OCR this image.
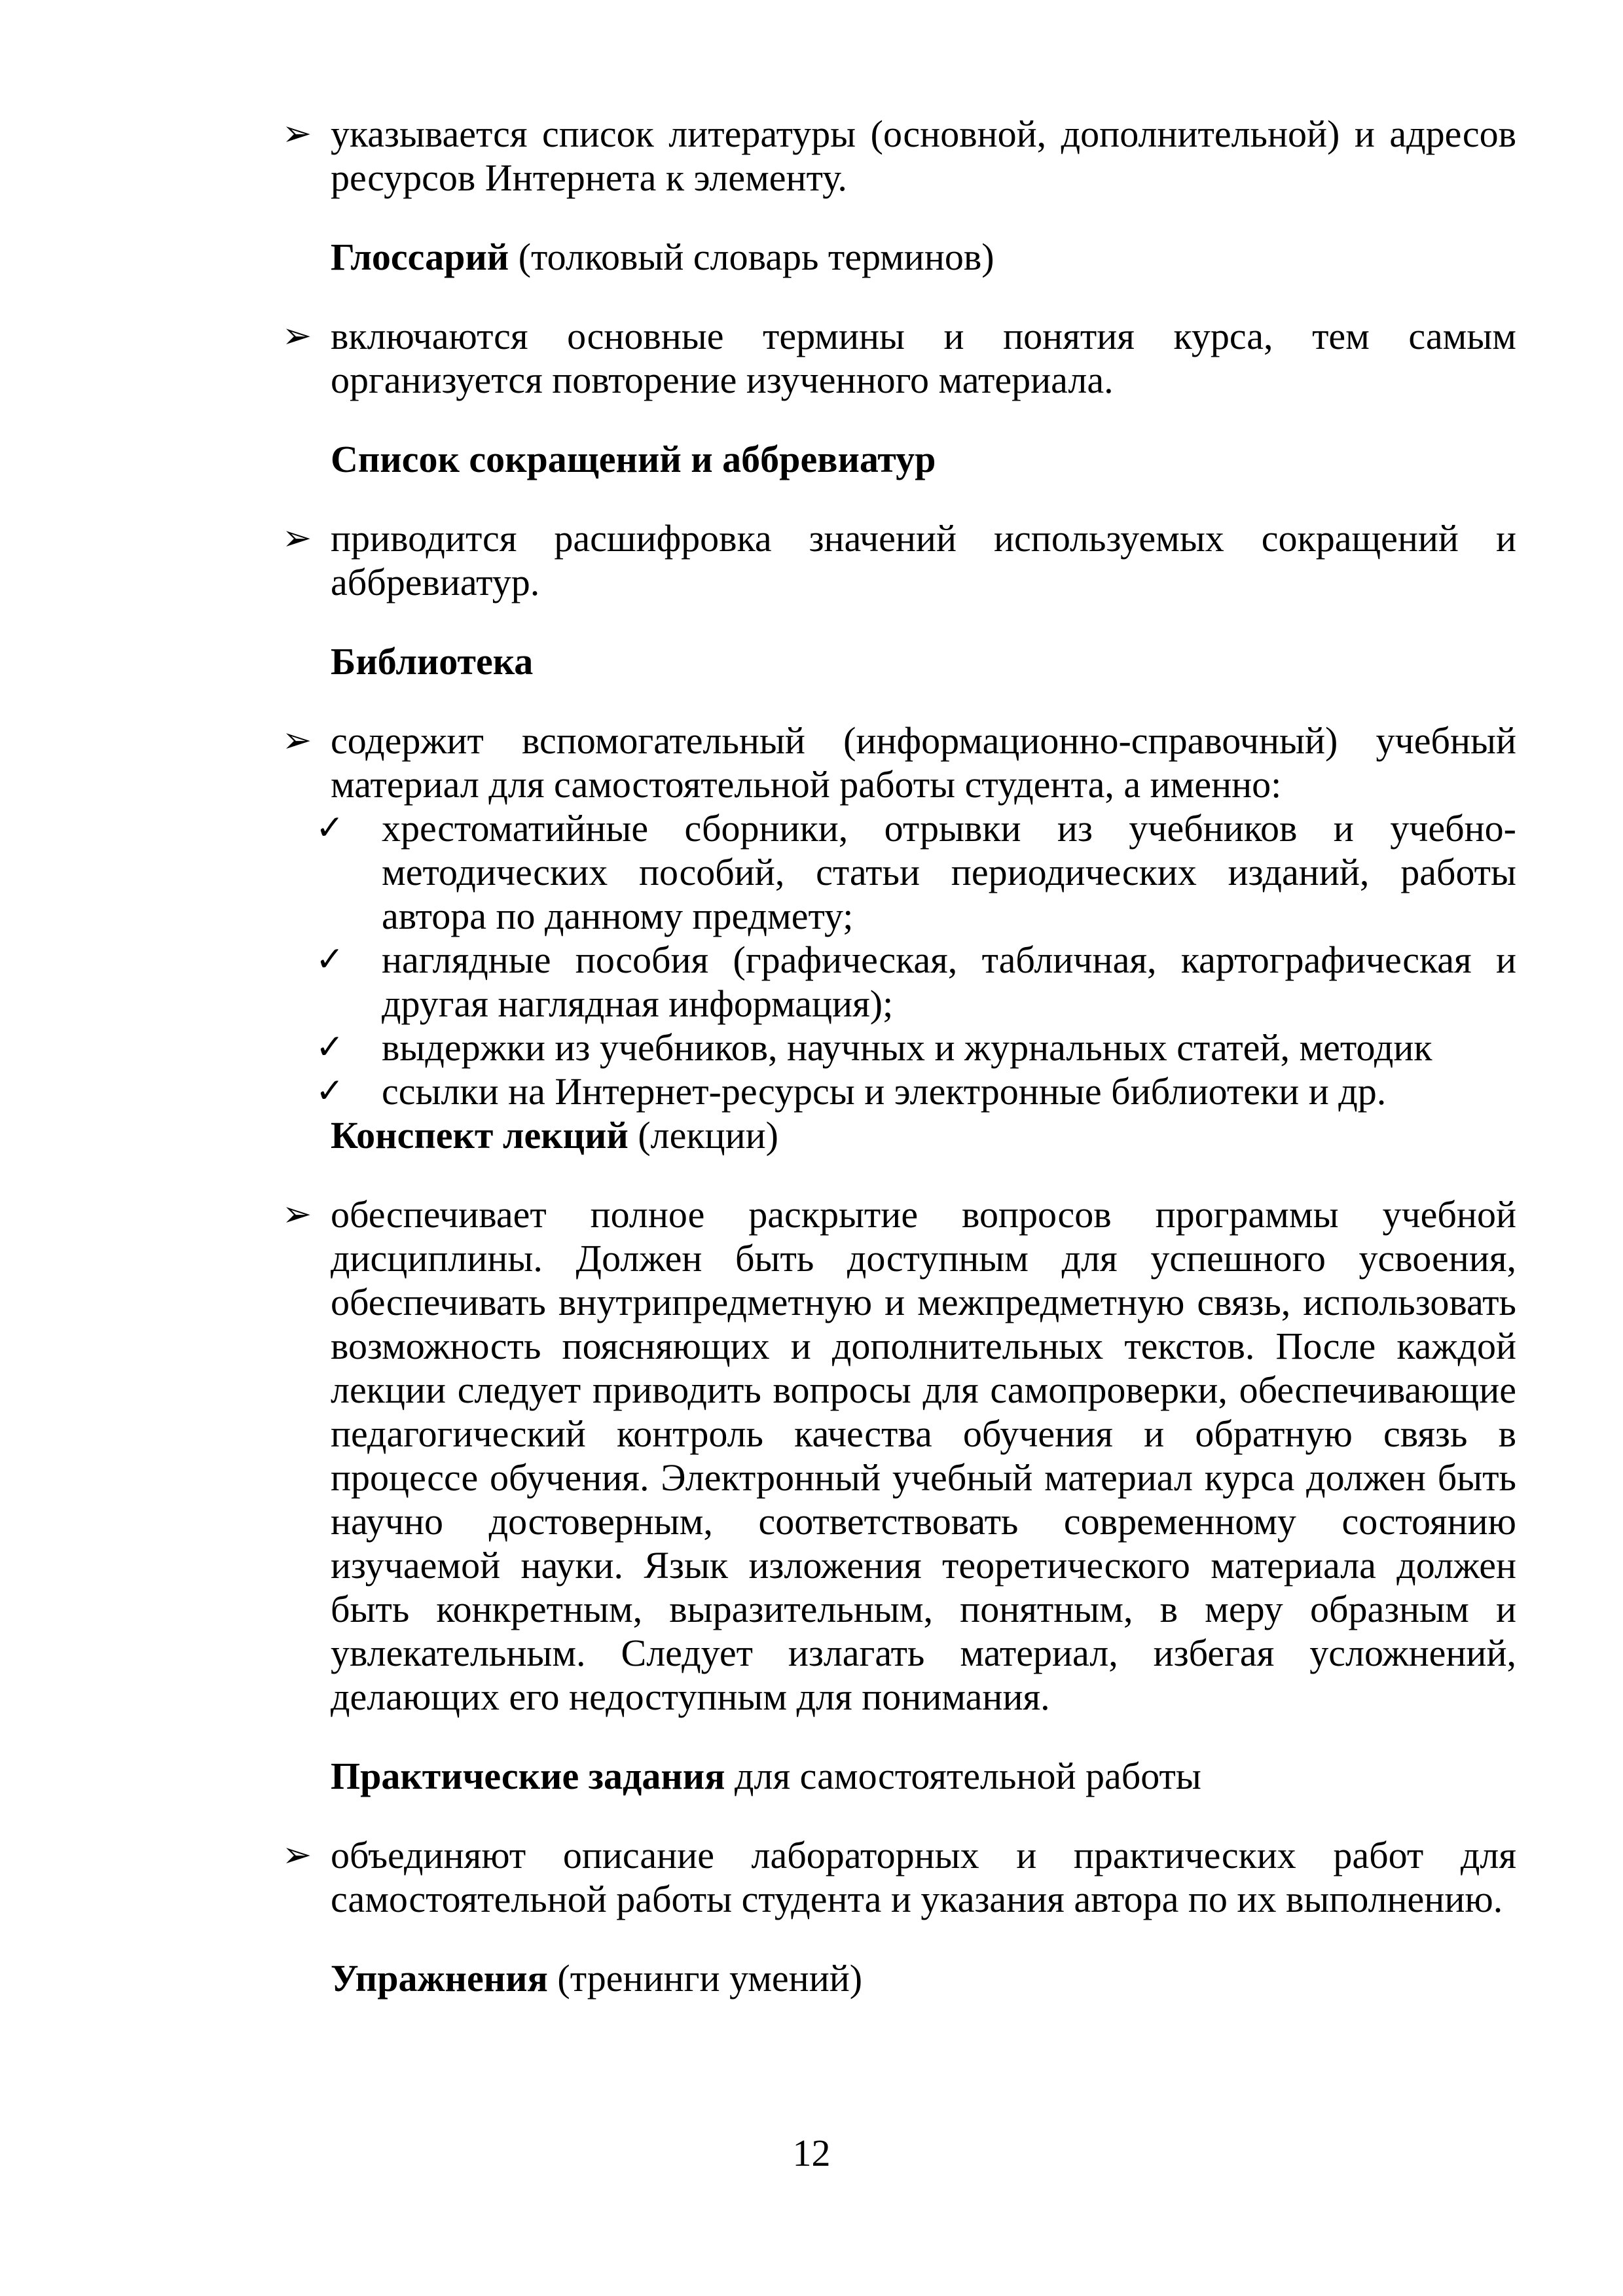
➢ указывается список литературы (основной, дополнительной) и адресов ресурсов Интернета к элементу.
Глоссарий (толковый словарь терминов)
➢ включаются основные термины и понятия курса, тем самым организуется повторение изученного материала.
Список сокращений и аббревиатур
➢ приводится расшифровка значений используемых сокращений и аббревиатур.
Библиотека
➢ содержит вспомогательный (информационно-справочный) учебный материал для самостоятельной работы студента, а именно:
✓ хрестоматийные сборники, отрывки из учебников и учебно-методических пособий, статьи периодических изданий, работы автора по данному предмету;
✓ наглядные пособия (графическая, табличная, картографическая и другая наглядная информация);
✓ выдержки из учебников, научных и журнальных статей, методик
✓ ссылки на Интернет-ресурсы и электронные библиотеки и др.
Конспект лекций (лекции)
➢ обеспечивает полное раскрытие вопросов программы учебной дисциплины. Должен быть доступным для успешного усвоения, обеспечивать внутрипредметную и межпредметную связь, использовать возможность поясняющих и дополнительных текстов. После каждой лекции следует приводить вопросы для самопроверки, обеспечивающие педагогический контроль качества обучения и обратную связь в процессе обучения. Электронный учебный материал курса должен быть научно достоверным, соответствовать современному состоянию изучаемой науки. Язык изложения теоретического материала должен быть конкретным, выразительным, понятным, в меру образным и увлекательным. Следует излагать материал, избегая усложнений, делающих его недоступным для понимания.
Практические задания для самостоятельной работы
➢ объединяют описание лабораторных и практических работ для самостоятельной работы студента и указания автора по их выполнению.
Упражнения (тренинги умений)
12
